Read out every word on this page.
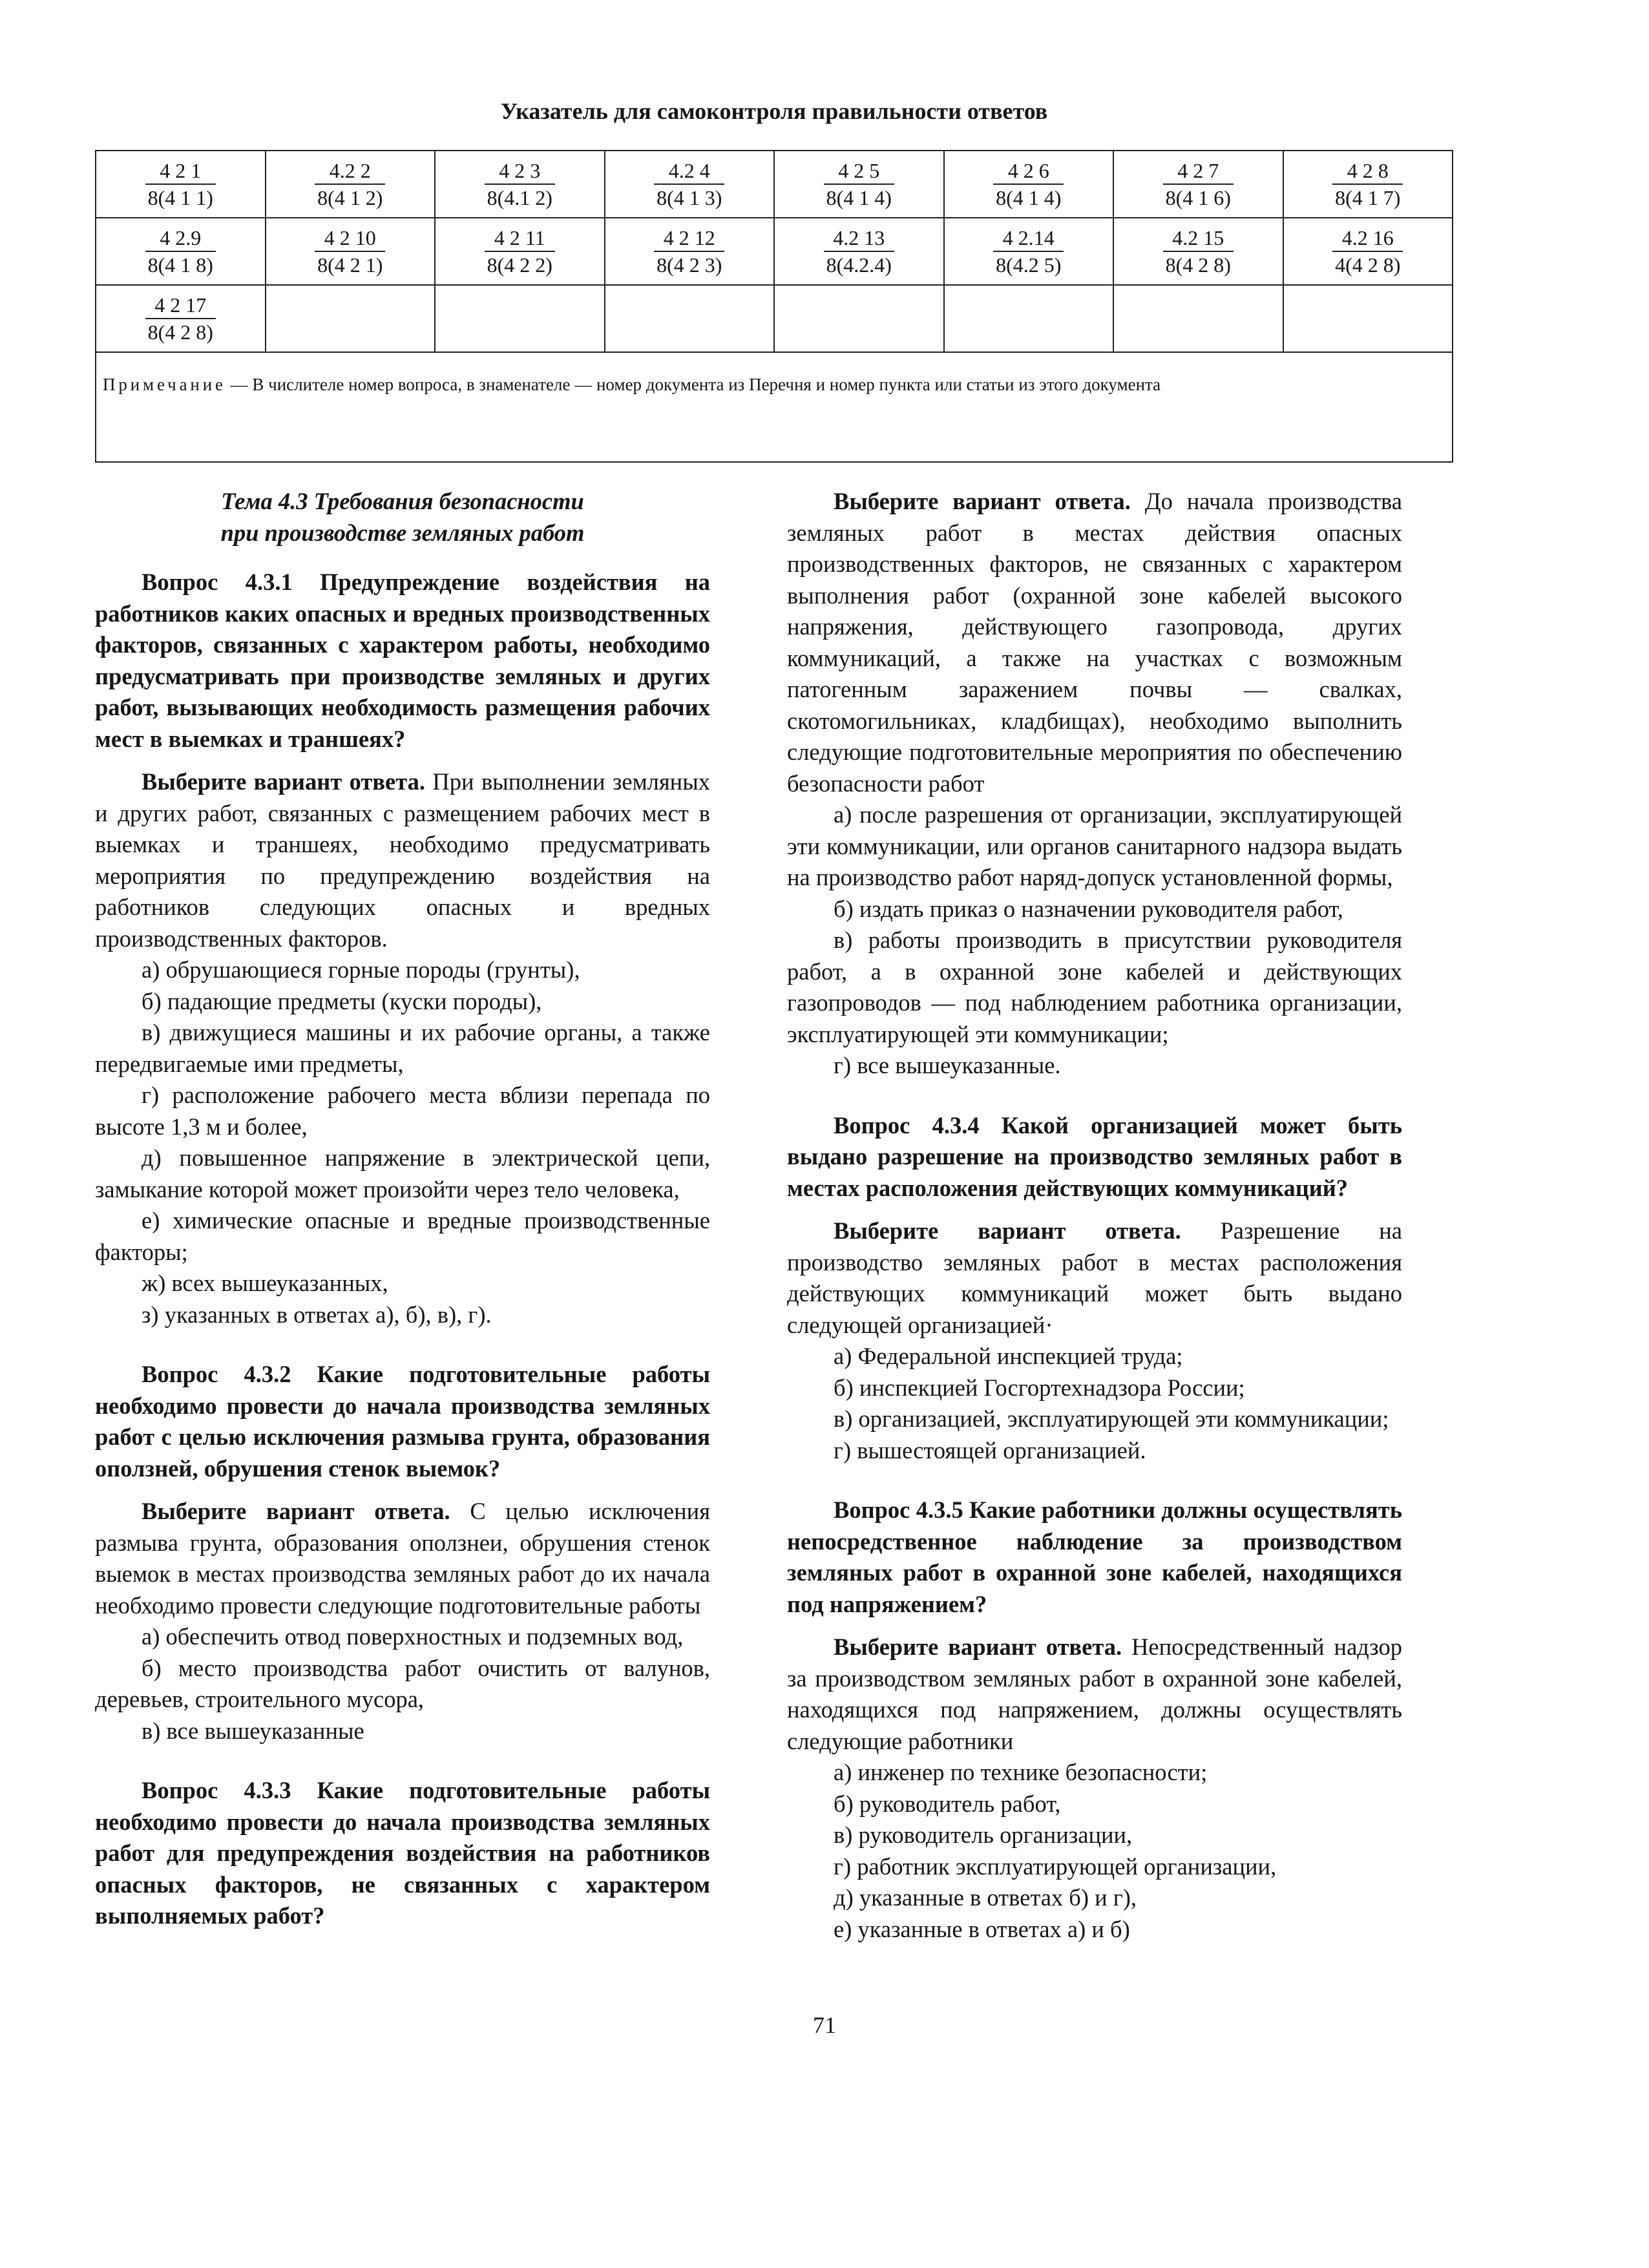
Указатель для самоконтроля правильности ответов
$\frac{4 2 1}{8(4 1 1)}$	$\frac{4.2 2}{8(4 1 2)}$	$\frac{4 2 3}{8(4.1 2)}$	$\frac{4.2 4}{8(4 1 3)}$	$\frac{4 2 5}{8(4 1 4)}$	$\frac{4 2 6}{8(4 1 4)}$	$\frac{4 2 7}{8(4 1 6)}$	$\frac{4 2 8}{8(4 1 7)}$

$\frac{4 2.9}{8(4 1 8)}$	$\frac{4 2 10}{8(4 2 1)}$	$\frac{4 2 11}{8(4 2 2)}$	$\frac{4 2 12}{8(4 2 3)}$	$\frac{4.2 13}{8(4.2.4)}$	$\frac{4 2.14}{8(4.2 5)}$	$\frac{4.2 15}{8(4 2 8)}$	$\frac{4.2 16}{4(4 2 8)}$

$\frac{4 2 17}{8(4 2 8)}$

Примечание — В числителе номер вопроса, в знаменателе — номер документа из Перечня и номер пункта или статьи из этого документа							

Тема 4.3 Требования безопасности
при производстве земляных работ

Вопрос 4.3.1 Предупреждение воздействия на работников каких опасных и вредных производственных факторов, связанных с характером работы, необходимо предусматривать при производстве земляных и других работ, вызывающих необходимость размещения рабочих мест в выемках и траншеях?

Выберите вариант ответа. При выполнении земляных и других работ, связанных с размещением рабочих мест в выемках и траншеях, необходимо предусматривать мероприятия по предупреждению воздействия на работников следующих опасных и вредных производственных факторов.

а) обрушающиеся горные породы (грунты),

б) падающие предметы (куски породы),

в) движущиеся машины и их рабочие органы, а также передвигаемые ими предметы,

г) расположение рабочего места вблизи перепада по высоте 1,3 м и более,

д) повышенное напряжение в электрической цепи, замыкание которой может произойти через тело человека,

е) химические опасные и вредные производственные факторы;

ж) всех вышеуказанных,

з) указанных в ответах а), б), в), г).

Вопрос 4.3.2 Какие подготовительные работы необходимо провести до начала производства земляных работ с целью исключения размыва грунта, образования оползней, обрушения стенок выемок?

Выберите вариант ответа. С целью исключения размыва грунта, образования оползнеи, обрушения стенок выемок в местах производства земляных работ до их начала необходимо провести следующие подготовительные работы

а) обеспечить отвод поверхностных и подземных вод,

б) место производства работ очистить от валунов, деревьев, строительного мусора,

в) все вышеуказанные

Вопрос 4.3.3 Какие подготовительные работы необходимо провести до начала производства земляных работ для предупреждения воздействия на работников опасных факторов, не связанных с характером выполняемых работ?

Выберите вариант ответа. До начала производства земляных работ в местах действия опасных производственных факторов, не связанных с характером выполнения работ (охранной зоне кабелей высокого напряжения, действующего газопровода, других коммуникаций, а также на участках с возможным патогенным заражением почвы — свалках, скотомогильниках, кладбищах), необходимо выполнить следующие подготовительные мероприятия по обеспечению безопасности работ

а) после разрешения от организации, эксплуатирующей эти коммуникации, или органов санитарного надзора выдать на производство работ наряд-допуск установленной формы,

б) издать приказ о назначении руководителя работ,

в) работы производить в присутствии руководителя работ, а в охранной зоне кабелей и действующих газопроводов — под наблюдением работника организации, эксплуатирующей эти коммуникации;

г) все вышеуказанные.

Вопрос 4.3.4 Какой организацией может быть выдано разрешение на производство земляных работ в местах расположения действующих коммуникаций?

Выберите вариант ответа. Разрешение на производство земляных работ в местах расположения действующих коммуникаций может быть выдано следующей организацией·

а) Федеральной инспекцией труда;

б) инспекцией Госгортехнадзора России;

в) организацией, эксплуатирующей эти коммуникации;

г) вышестоящей организацией.

Вопрос 4.3.5 Какие работники должны осуществлять непосредственное наблюдение за производством земляных работ в охранной зоне кабелей, находящихся под напряжением?

Выберите вариант ответа. Непосредственный надзор за производством земляных работ в охранной зоне кабелей, находящихся под напряжением, должны осуществлять следующие работники

а) инженер по технике безопасности;

б) руководитель работ,

в) руководитель организации,

г) работник эксплуатирующей организации,

д) указанные в ответах б) и г),

е) указанные в ответах а) и б)

71
